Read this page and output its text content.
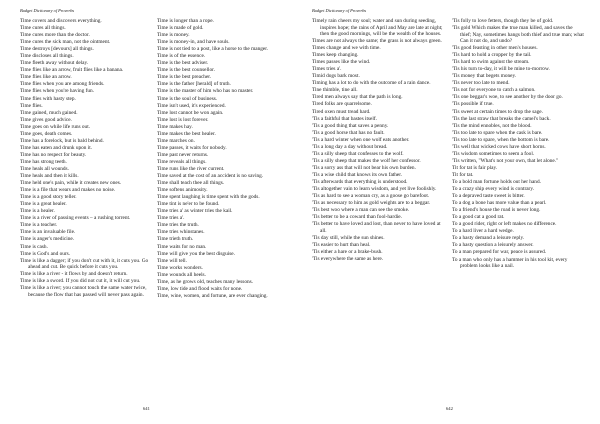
Budget Dictionary of Proverbs
Time covers and discovers everything.
Time cures all things.
Time cures more than the doctor.
Time cures the sick man, not the ointment.
Time destroys [devours] all things.
Time discloses all things.
Time fleeth away without delay.
Time flies like an arrow, fruit flies like a banana.
Time flies like an arrow.
Time flies when you are among friends.
Time flies when you're having fun.
Time flies with hasty step.
Time flies.
Time gained, much gained.
Time gives good advice.
Time goes on while life runs out.
Time goes, death comes.
Time has a forelock, but is bald behind.
Time has eaten and drunk upon it.
Time has no respect for beauty.
Time has strong teeth.
Time heals all wounds.
Time heals and then it kills.
Time held one's pain, while it creates new ones.
Time is a file that wears and makes no noise.
Time is a good story teller.
Time is a great healer.
Time is a healer.
Time is a river of passing events – a rushing torrent.
Time is a teacher.
Time is an invaluable file.
Time is anger's medicine.
Time is cash.
Time is God's and ours.
Time is like a dagger; if you don't cut with it, it cuts you. Go ahead and cut. Be quick before it cuts you.
Time is like a river - it flows by and doesn't return.
Time is like a sword. If you did not cut it, it will cut you.
Time is like a river; you cannot touch the same water twice, because the flow that has passed will never pass again.
Time is longer than a rope.
Time is made of gold.
Time is money.
Time is money-in, and have souls.
Time is not tied to a post, like a horse to the manger.
Time is of the essence.
Time is the best adviser.
Time is the best counsellor.
Time is the best preacher.
Time is the father [herald] of truth.
Time is the master of him who has no master.
Time is the soul of business.
Time isn't used, it's experienced.
Time lost cannot be won again.
Time lost is lost forever.
Time makes hay.
Time makes the best healer.
Time marches on.
Time passes, it waits for nobody.
Time past never returns.
Time reveals all things.
Time runs like the river current.
Time saved at the cost of an accident is no saving.
Time shall teach thee all things.
Time softens animosity.
Time spent laughing is time spent with the gods.
Time tint is ne'er to be found.
Time tries a' as winter tries the kail.
Time tries a'.
Time tries the truth.
Time tries whinstanes.
Time trieth truth.
Time waits for no man.
Time will give you the best disguise.
Time will tell.
Time works wonders.
Time wounds all heels.
Time, as he grows old, teaches many lessons.
Time, low tide and flood waits for none.
Time, wine, women, and fortune, are ever changing.
641
Budget Dictionary of Proverbs
Timely rain cheers my soul; water and sun during seeding, inspires hope; the rains of April and May are late at night; then the good mornings, will be the wealth of the houses.
Times are not always the same; the grass is not always green.
Times change and we with time.
Times keep changing.
Times passes like the wind.
Times tries a'.
Timid dogs bark most.
Timing has a lot to do with the outcome of a rain dance.
Tine thimble, tine all.
Tired men always say that the path is long.
Tired folks are quarrelsome.
Tired oxen must tread hard.
'Tis a faithful that bastes itself.
'Tis a good thing that saves a penny.
'Tis a good horse that has no fault.
'Tis a hard winter when one wolf eats another.
'Tis a long day a day without bread.
'Tis a silly sheep that confesses to the wolf.
'Tis a silly sheep that makes the wolf her confessor.
'Tis a sorry ass that will not bear his own burden.
'Tis a wise child that knows its own father.
'Tis afterwards that everything is understood.
'Tis altogether vain to learn wisdom, and yet live foolishly.
'Tis as hard to see a woman cry, as a goose go barefoot.
'Tis as necessary to him as gold weights are to a beggar.
'Tis best woo where a man can see the smoke.
'Tis better to be a coward than fool-hardie.
'Tis better to have loved and lost, than never to have loved at all.
'Tis day still, while the sun shines.
'Tis easier to hurt than heal.
'Tis either a hare or a brake-bush.
'Tis everywhere the same as here.
'Tis folly to love fetters, though they be of gold.
'Tis gold Which makes the true man killed, and saves the thief; Nay, sometimes hangs both thief and true man; what Can it not do, and undo?
'Tis good feasting in other men's houses.
'Tis hard to hold a cropper by the tail.
'Tis hard to swim against the stream.
'Tis his turn to-day, it will be mine to-morrow.
'Tis money that begets money.
'Tis never too late to mend.
'Tis not for everyone to catch a salmon.
'Tis one beggar's woe, to see another by the door go.
'Tis possible if true.
'Tis sweet at certain times to drop the sage.
'Tis the last straw that breaks the camel's back.
'Tis the mind ennobles, not the blood.
'Tis too late to spare when the cask is bare.
'Tis too late to spare, when the bottom is bare.
'Tis well that wicked cows have short horns.
'Tis wisdom sometimes to seem a fool.
'Tis written, "What's not your own, that let alone."
Tit for tat is fair play.
Tit for tat.
To a bold man fortune holds out her hand.
To a crazy ship every wind is contrary.
To a depraved taste sweet is bitter.
To a dog a bone has more value than a pearl.
To a friend's house the road is never long.
To a good cat a good rat.
To a good rider, right or left makes no difference.
To a hard liver a hard wedge.
To a hasty demand a leisure reply.
To a hasty question a leisurely answer.
To a man prepared for war, peace is assured.
To a man who only has a hammer in his tool kit, every problem looks like a nail.
642
